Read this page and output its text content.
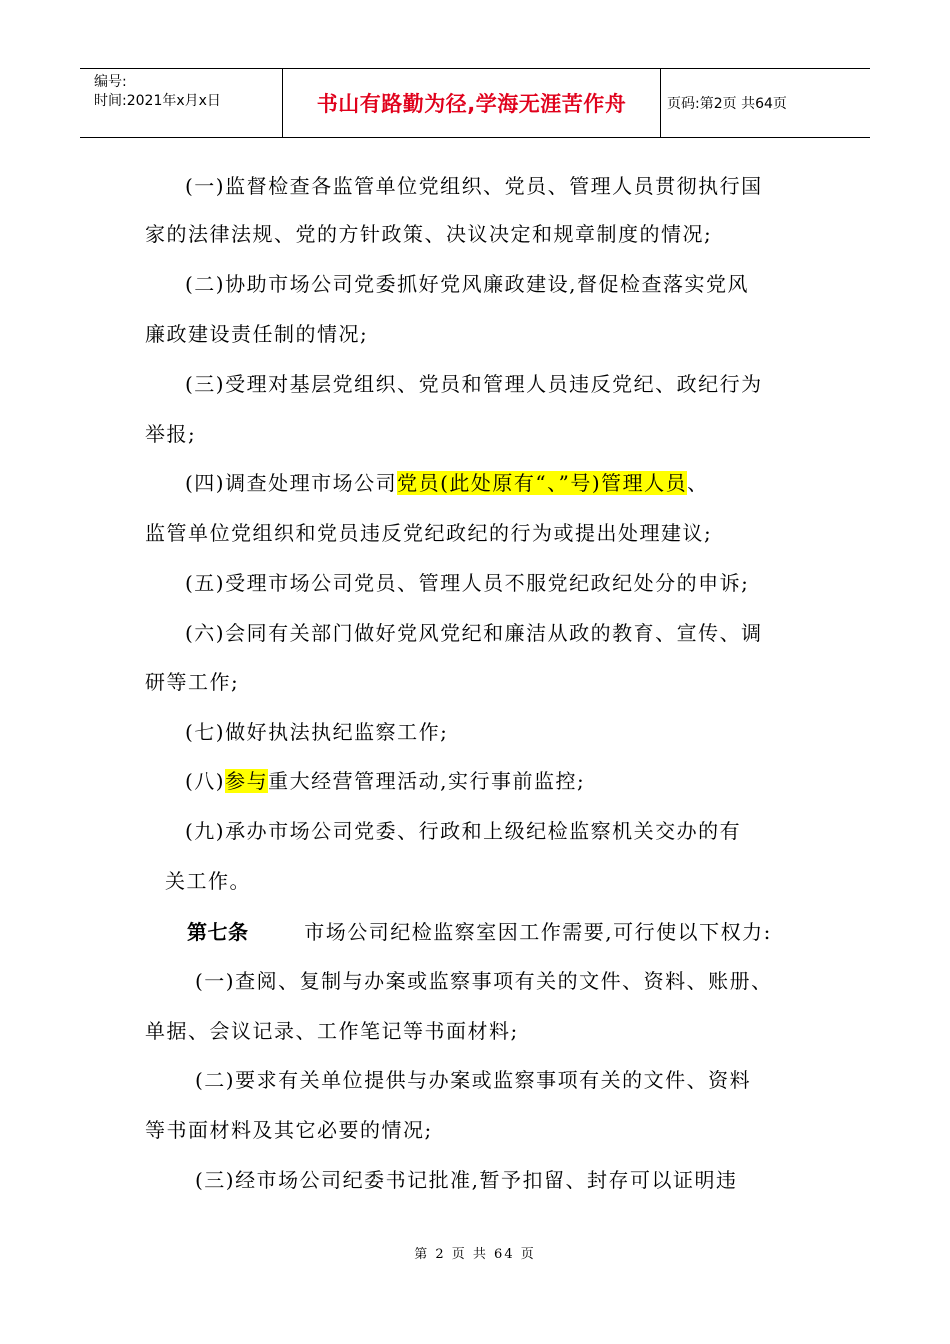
编号:
时间:2021年x月x日	书山有路勤为径,学海无涯苦作舟	页码:第2页 共64页
(一)监督检查各监管单位党组织、党员、管理人员贯彻执行国
家的法律法规、党的方针政策、决议决定和规章制度的情况;
(二)协助市场公司党委抓好党风廉政建设,督促检查落实党风
廉政建设责任制的情况;
(三)受理对基层党组织、党员和管理人员违反党纪、政纪行为
举报;
(四)调查处理市场公司党员(此处原有“、”号)管理人员、
监管单位党组织和党员违反党纪政纪的行为或提出处理建议;
(五)受理市场公司党员、管理人员不服党纪政纪处分的申诉;
(六)会同有关部门做好党风党纪和廉洁从政的教育、宣传、调
研等工作;
(七)做好执法执纪监察工作;
(八)参与重大经营管理活动,实行事前监控;
(九)承办市场公司党委、行政和上级纪检监察机关交办的有
关工作。
第七条	市场公司纪检监察室因工作需要,可行使以下权力:
(一)查阅、复制与办案或监察事项有关的文件、资料、账册、
单据、会议记录、工作笔记等书面材料;
(二)要求有关单位提供与办案或监察事项有关的文件、资料
等书面材料及其它必要的情况;
(三)经市场公司纪委书记批准,暂予扣留、封存可以证明违
第 2 页 共 64 页
